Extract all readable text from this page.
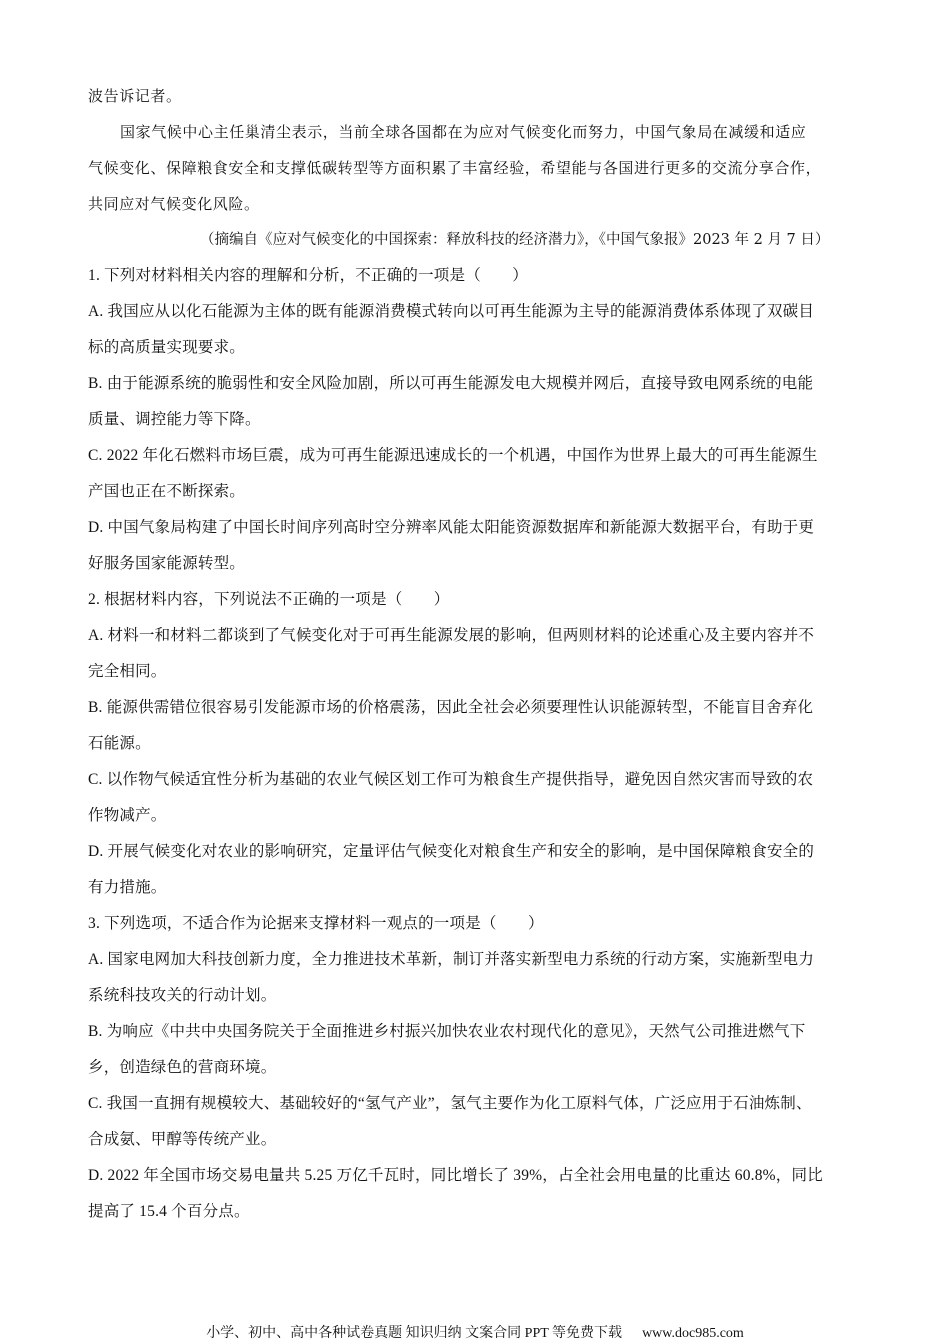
波告诉记者。
国家气候中心主任巢清尘表示，当前全球各国都在为应对气候变化而努力，中国气象局在减缓和适应
气候变化、保障粮食安全和支撑低碳转型等方面积累了丰富经验，希望能与各国进行更多的交流分享合作，
共同应对气候变化风险。
（摘编自《应对气候变化的中国探索：释放科技的经济潜力》，《中国气象报》2023 年 2 月 7 日）
1. 下列对材料相关内容的理解和分析，不正确的一项是（　　）
A. 我国应从以化石能源为主体的既有能源消费模式转向以可再生能源为主导的能源消费体系体现了双碳目
标的高质量实现要求。
B. 由于能源系统的脆弱性和安全风险加剧，所以可再生能源发电大规模并网后，直接导致电网系统的电能
质量、调控能力等下降。
C. 2022 年化石燃料市场巨震，成为可再生能源迅速成长的一个机遇，中国作为世界上最大的可再生能源生
产国也正在不断探索。
D. 中国气象局构建了中国长时间序列高时空分辨率风能太阳能资源数据库和新能源大数据平台，有助于更
好服务国家能源转型。
2. 根据材料内容，下列说法不正确的一项是（　　）
A. 材料一和材料二都谈到了气候变化对于可再生能源发展的影响，但两则材料的论述重心及主要内容并不
完全相同。
B. 能源供需错位很容易引发能源市场的价格震荡，因此全社会必须要理性认识能源转型，不能盲目舍弃化
石能源。
C. 以作物气候适宜性分析为基础的农业气候区划工作可为粮食生产提供指导，避免因自然灾害而导致的农
作物减产。
D. 开展气候变化对农业的影响研究，定量评估气候变化对粮食生产和安全的影响，是中国保障粮食安全的
有力措施。
3. 下列选项，不适合作为论据来支撑材料一观点的一项是（　　）
A. 国家电网加大科技创新力度，全力推进技术革新，制订并落实新型电力系统的行动方案，实施新型电力
系统科技攻关的行动计划。
B. 为响应《中共中央国务院关于全面推进乡村振兴加快农业农村现代化的意见》，天然气公司推进燃气下
乡，创造绿色的营商环境。
C. 我国一直拥有规模较大、基础较好的“氢气产业”，氢气主要作为化工原料气体，广泛应用于石油炼制、
合成氨、甲醇等传统产业。
D. 2022 年全国市场交易电量共 5.25 万亿千瓦时，同比增长了 39%，占全社会用电量的比重达 60.8%，同比
提高了 15.4 个百分点。
小学、初中、高中各种试卷真题 知识归纳 文案合同 PPT 等免费下载 www.doc985.com
